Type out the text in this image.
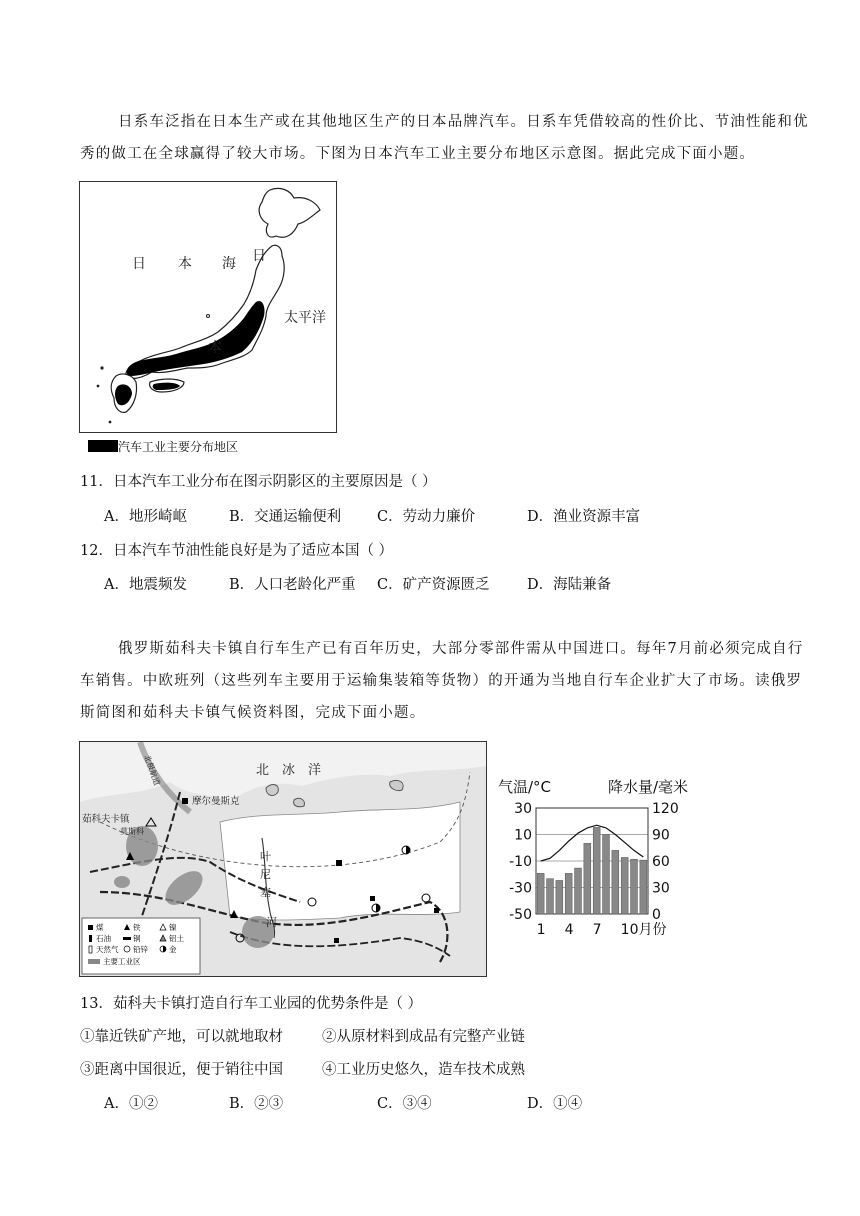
日系车泛指在日本生产或在其他地区生产的日本品牌汽车。日系车凭借较高的性价比、节油性能和优
秀的做工在全球赢得了较大市场。下图为日本汽车工业主要分布地区示意图。据此完成下面小题。
日 本 海 日
本
太平洋
汽车工业主要分布地区
11．日本汽车工业分布在图示阴影区的主要原因是（ ）
A．地形崎岖	B．交通运输便利 C．劳动力廉价	D．渔业资源丰富
12．日本汽车节油性能良好是为了适应本国（ ）
A．地震频发	B．人口老龄化严重 C．矿产资源匮乏	D．海陆兼备
俄罗斯茹科夫卡镇自行车生产已有百年历史，大部分零部件需从中国进口。每年7月前必须完成自行
车销售。中欧班列（这些列车主要用于运输集装箱等货物）的开通为当地自行车企业扩大了市场。读俄罗
斯简图和茹科夫卡镇气候资料图，完成下面小题。
北　冰　洋
摩尔曼斯克
茹科夫卡镇
莫斯科
叶
尼
塞
河
北极航道
煤	铁	镍
石油	铜	铝土
天然气 铅锌	金
主要工业区
气温/°C	降水量/毫米
30
10
-10
-30
-50
120
90
60
30
0
1 4 7 10月份
13．茹科夫卡镇打造自行车工业园的优势条件是（ ）
①靠近铁矿产地，可以就地取材	②从原材料到成品有完整产业链
③距离中国很近，便于销往中国	④工业历史悠久，造车技术成熟
A．①②	B．②③	C．③④	D．①④
